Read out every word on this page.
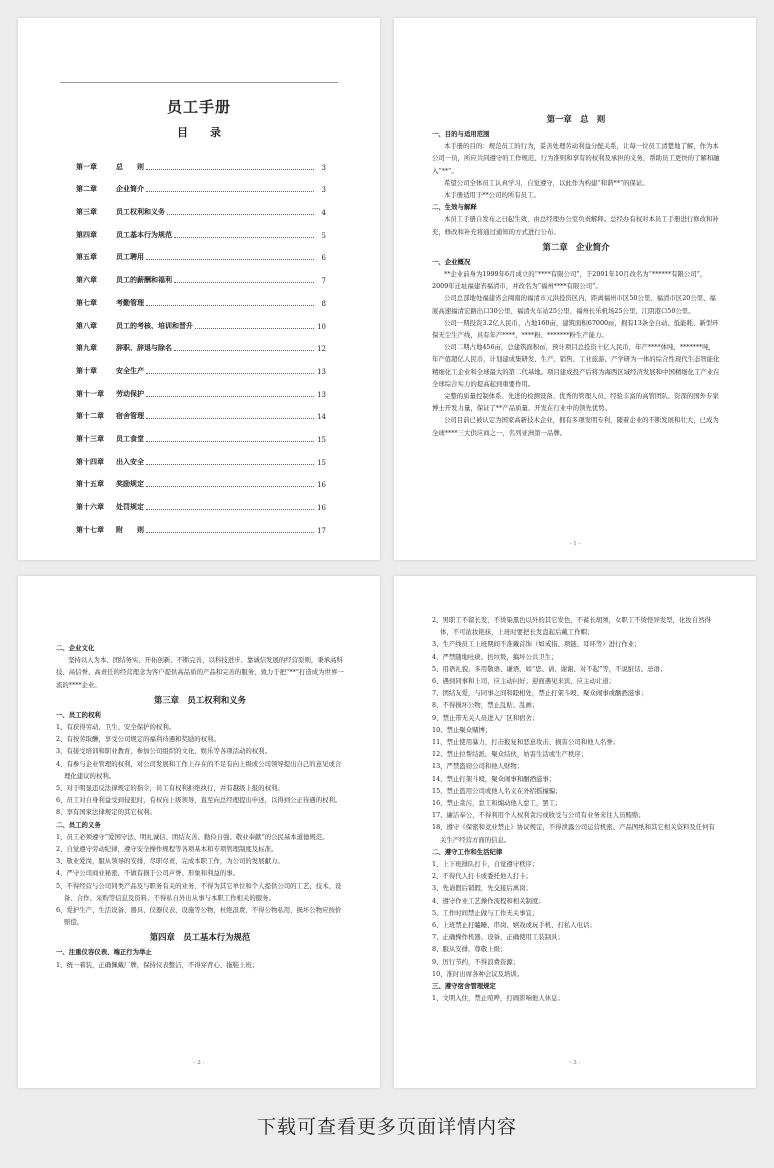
员工手册
目　　录
第一章	总　　则	3
第二章	企业简介	3
第三章	员工权利和义务	4
第四章	员工基本行为规范	5
第五章	员工聘用	6
第六章	员工的薪酬和福利	7
第七章	考勤管理	8
第八章	员工的考核、培训和晋升	10
第九章	辞职、辞退与除名	12
第十章	安全生产	13
第十一章	劳动保护	13
第十二章	宿舍管理	14
第十三章	员工食堂	15
第十四章	出入安全	15
第十五章	奖励规定	16
第十六章	处罚规定	16
第十七章	附　　则	17
第一章　总　则
一、目的与适用范围
本手册的目的：规范员工的行为，妥善处理劳动利益分配关系，让每一位员工清楚地了解，作为本公司一员，所应共同遵守的工作规范、行为准则和享有的权利及承担的义务，帮助员工更快的了解和融入“**”。
希望公司全体员工认真学习，自觉遵守，以此作为构建“和谐**”的保证。
本手册适用于**公司的所有员工。
二、生效与解释
本员工手册自发布之日起生效，由总经理办公室负责解释。总经办有权对本员工手册进行修改和补充，修改和补充将通过通知的方式进行公布。
第二章　企业简介
一、企业概况
**企业前身为1999年6月成立的“****有限公司”，于2001年10月改名为“******有限公司”，2009年迁址福建省福清市，并改名为“福州****有限公司”。
公司总部地处福建省会闽南的福清市元洪投资区内，距离福州市区50公里、福清市区20公里、福厦高速福清宏路出口30公里、福清火车站25公里、福州长乐机场25公里、江阴港口50公里。
公司一期投资3.2亿人民币，占地160亩，建筑面积67000㎡，拥有13条全自动、低能耗、新型环保无尘生产线，具有年产****、****粉、*******粉生产能力。
公司二期占地456亩，总建筑面积㎡，预计项目总投资十亿人民币，年产****体吨，*******吨，年产值超亿人民币，计划建成集研发、生产、销售、工业旅游、产学研为一体的综合性现代生态智能化精细化工企业和全球最大的第二代基地。项目建成投产后将为海西区域经济发展和中国精细化工产业在全球综合实力的提高起到重要作用。
完整的质量控制体系、先进的检测设备、优秀的管理人员、经验丰富的高管团队、资深的国外专家博士开发力量，保证了**产品质量、开发在行业中的领先优势。
公司目前已被认定为国家高新技术企业，拥有多项发明专利，随着企业的不断发展和壮大，已成为全球****三大供应商之一，名列亚洲第一品牌。
- 1 -
二、企业文化
坚持以人为本、团结务实、开拓创新、不断完善，以科技进步、靠诚信发展的经营原则，秉承高科技、高信誉、高责任的经营理念为客户提供高品质的产品和完善的服务，致力于把“**”打造成为世界一流的****企业。
第三章　员工权利和义务
一、员工的权利
1、有获得劳动、卫生、安全保护的权利。
2、有按劳取酬，享受公司规定的福利待遇和奖励的权利。
3、有接受培训和职业教育，参加公司组织的文化、娱乐等各项活动的权利。
4、有参与企业管理的权利，对公司发展和工作上存在的不足有向上级或公司领导提出自己的意见或合理化建议的权利。
5、对于明显违反法律规定的指令，员工有权利拒绝执行，并有越级上报的权利。
6、员工对自身利益受到侵犯时，有权向上级领导，直至向总经理提出申述，以得到公正待遇的权利。
8、享有国家法律规定的其它权利。
二、员工的义务
1、员工必须遵守“爱国守法、明礼诚信、团结友善、勤俭自强、敬业奉献”的公民基本道德规范。
2、自觉遵守劳动纪律，遵守安全操作规程等各项基本和专项管理制度及标准。
3、敬业爱岗，服从领导的安排，尽职尽责，完成本职工作，为公司的发展献力。
4、严守公司商业秘密，不做有损于公司声誉、形象和利益的事。
5、不得经营与公司同类产品及与职务有关的业务，不得为其它单位和个人提供公司的工艺、技术、设备、合作、采购等信息及资料，不得私自外出从事与本职工作相关的服务。
6、爱护生产、生活设备、器具、仪器仪表、设施等公物，杜绝浪费，不得公物私用，损坏公物应按价赔偿。
第四章　员工基本行为规范
一、注重仪容仪表、端正行为举止
1、统一着装，正确佩戴厂牌，保持仪表整洁，不得穿背心、拖鞋上班；
- 2 -
2、男职工不留长发，不烫染黑色以外的其它发色，不蓄长胡须，女职工不烫怪异发型，化妆自然得体，不可浓妆艳抹，上班时要把长发盘起后戴工作帽；
3、生产线员工上班期间不准戴首饰（如戒指、项链、耳环等）进行作业；
4、严禁随地吐痰、扔垃圾，搞坏公共卫生；
5、用语礼貌，多用敬语、谦语，如“您、请、谢谢、对不起”等，不说脏话、忌语；
6、遇到同事和上司，应主动问好；迎面遇见来宾，应主动让道；
7、团结友爱，与同事之间和睦相处，禁止打架斗殴、聚众闹事或酗酒滋事；
8、不得损坏公物，禁止乱贴、乱画；
9、禁止带无关人员进入厂区和宿舍；
10、禁止聚众赌博；
11、禁止使用暴力，打击报复和恶意攻击、损害公司和他人名誉；
12、禁止拉帮结派，聚众结伙，妨害生活或生产秩序；
13、严禁盗窃公司和他人财物；
14、禁止打架斗殴，聚众闹事和酗酒滋事；
15、禁止盗用公司或他人名义在外招摇撞骗；
16、禁止贪污，怠工和煽动他人怠工，罢工；
17、廉洁奉公，不得利用个人权利贪污或收受与公司有业务来往人员贿赂；
18、遵守《保密和竞业禁止》协议规定，不得泄露公司运营机密、产品图纸和其它相关资料及任何有关生产经营方面的信息。
二、遵守工作和生活纪律
1、上下班排队打卡，自觉遵守秩序；
2、不得代人打卡或委托他人打卡；
3、先请假后销假，先交接后离岗；
4、遵守作业工艺操作流程和相关制度；
5、工作时间禁止做与工作无关事宜；
6、上班禁止打瞌睡、串岗、嬉戏或玩手机、打私人电话；
7、正确操作机器、设备，正确使用工装制具；
8、服从安排，尊敬上级；
9、厉行节约，不得浪费资源；
10、准时出席各种会议及培训。
三、遵守宿舍管理规定
1、文明入住，禁止喧哗，打闹影响他人休息；
- 3 -
下载可查看更多页面详情内容
